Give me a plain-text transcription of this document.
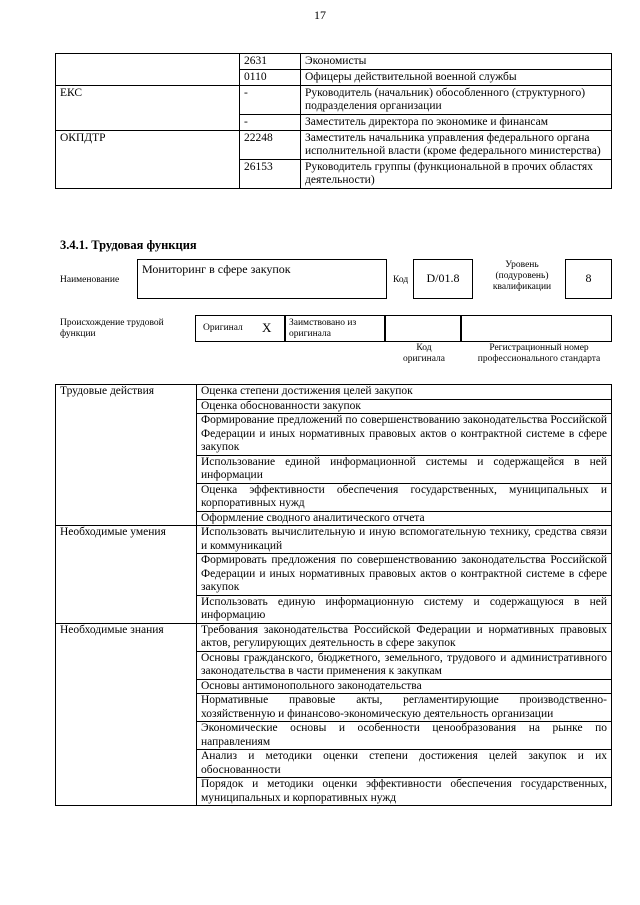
17
	2631	Экономисты
	0110	Офицеры действительной военной службы
ЕКС	-	Руководитель (начальник) обособленного (структурного) подразделения организации
	-	Заместитель директора по экономике и финансам
ОКПДТР	22248	Заместитель начальника управления федерального органа исполнительной власти (кроме федерального министерства)
	26153	Руководитель группы (функциональной в прочих областях деятельности)
3.4.1. Трудовая функция
Наименование
Мониторинг в сфере закупок
Код	D/01.8
Уровень (подуровень) квалификации
8
Происхождение трудовой функции
Оригинал X	Заимствовано из оригинала
Код оригинала
Регистрационный номер профессионального стандарта
Трудовые действия	Оценка степени достижения целей закупок
	Оценка обоснованности закупок
	Формирование предложений по совершенствованию законодательства Российской Федерации и иных нормативных правовых актов о контрактной системе в сфере закупок
	Использование единой информационной системы и содержащейся в ней информации
	Оценка эффективности обеспечения государственных, муниципальных и корпоративных нужд
	Оформление сводного аналитического отчета
Необходимые умения	Использовать вычислительную и иную вспомогательную технику, средства связи и коммуникаций
	Формировать предложения по совершенствованию законодательства Российской Федерации и иных нормативных правовых актов о контрактной системе в сфере закупок
	Использовать единую информационную систему и содержащуюся в ней информацию
Необходимые знания	Требования законодательства Российской Федерации и нормативных правовых актов, регулирующих деятельность в сфере закупок
	Основы гражданского, бюджетного, земельного, трудового и административного законодательства в части применения к закупкам
	Основы антимонопольного законодательства
	Нормативные правовые акты, регламентирующие производственно-хозяйственную и финансово-экономическую деятельность организации
	Экономические основы и особенности ценообразования на рынке по направлениям
	Анализ и методики оценки степени достижения целей закупок и их обоснованности
	Порядок и методики оценки эффективности обеспечения государственных, муниципальных и корпоративных нужд
